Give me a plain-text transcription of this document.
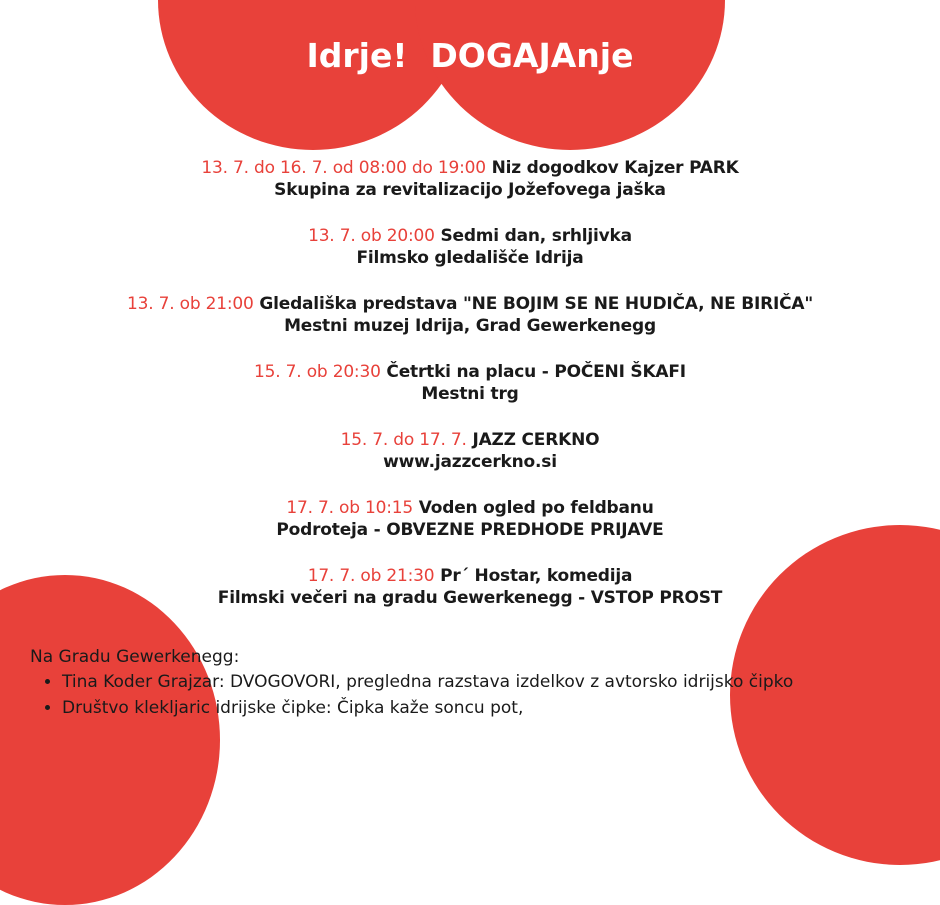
Idrje!  DOGAJAnje
13. 7. do 16. 7. od 08:00 do 19:00 Niz dogodkov Kajzer PARK
Skupina za revitalizacijo Jožefovega jaška
13. 7. ob 20:00 Sedmi dan, srhljivka
Filmsko gledališče Idrija
13. 7. ob 21:00 Gledališka predstava "NE BOJIM SE NE HUDIČA, NE BIRIČA"
Mestni muzej Idrija, Grad Gewerkenegg
15. 7. ob 20:30 Četrtki na placu - POČENI ŠKAFI
Mestni trg
15. 7. do 17. 7. JAZZ CERKNO
www.jazzcerkno.si
17. 7. ob 10:15 Voden ogled po feldbanu
Podroteja - OBVEZNE PREDHODE PRIJAVE
17. 7. ob 21:30 Pr´ Hostar, komedija
Filmski večeri na gradu Gewerkenegg - VSTOP PROST
Na Gradu Gewerkenegg:
• Tina Koder Grajzar: DVOGOVORI, pregledna razstava izdelkov z avtorsko idrijsko čipko
• Društvo klekljaric idrijske čipke: Čipka kaže soncu pot,
